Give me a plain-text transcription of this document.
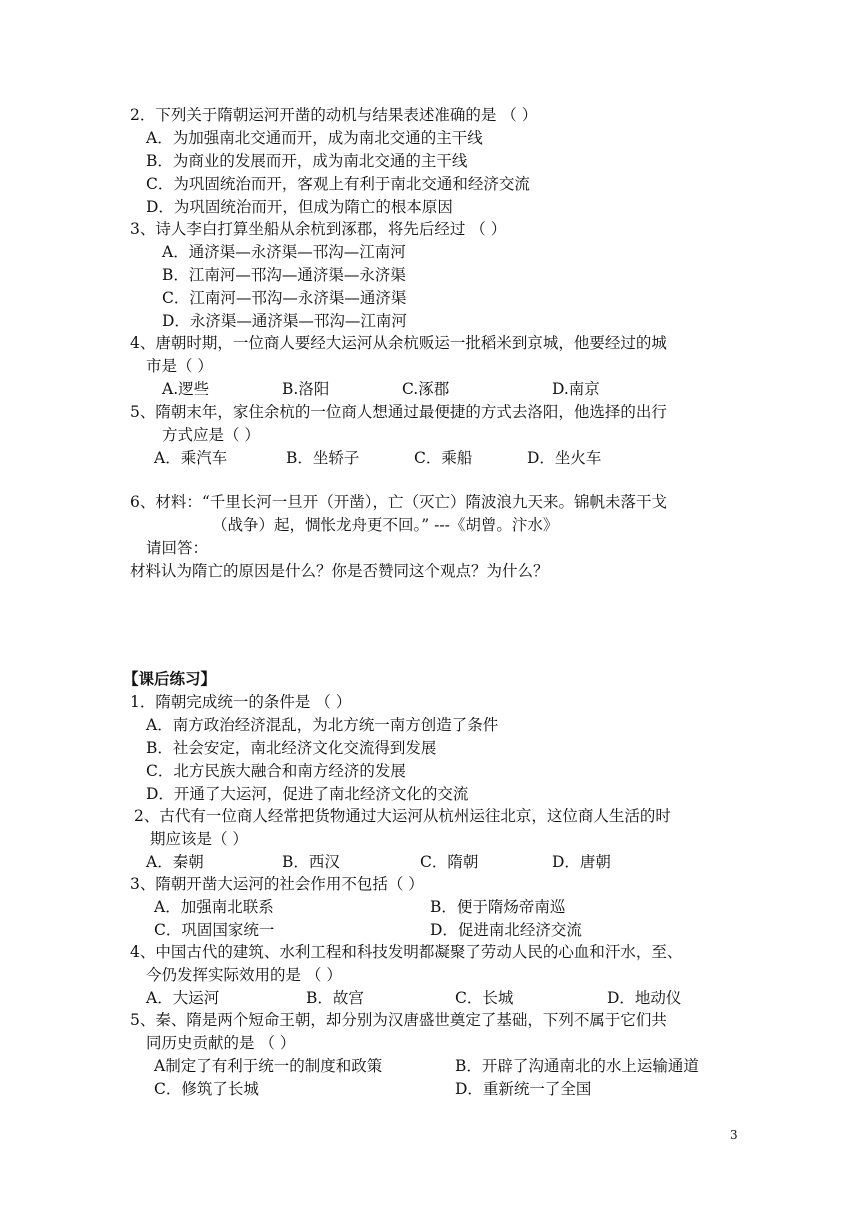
2．下列关于隋朝运河开凿的动机与结果表述准确的是 （ ）
A．为加强南北交通而开，成为南北交通的主干线
B．为商业的发展而开，成为南北交通的主干线
C．为巩固统治而开，客观上有利于南北交通和经济交流
D．为巩固统治而开，但成为隋亡的根本原因
3、诗人李白打算坐船从余杭到涿郡，将先后经过 （ ）
A．通济渠—永济渠—邗沟—江南河
B．江南河—邗沟—通济渠—永济渠
C．江南河—邗沟—永济渠—通济渠
D．永济渠—通济渠—邗沟—江南河
4、唐朝时期，一位商人要经大运河从余杭贩运一批稻米到京城，他要经过的城
市是（ ）
A.逻些	B.洛阳	C.涿郡	D.南京
5、隋朝末年，家住余杭的一位商人想通过最便捷的方式去洛阳，他选择的出行
方式应是（ ）
A．乘汽车	B．坐轿子	C．乘船	D．坐火车
6、材料：“千里长河一旦开（开凿），亡（灭亡）隋波浪九天来。锦帆未落干戈
（战争）起，惆怅龙舟更不回。” ---《胡曾。汴水》
请回答：
材料认为隋亡的原因是什么？你是否赞同这个观点？为什么？
【课后练习】
1．隋朝完成统一的条件是 （ ）
A．南方政治经济混乱，为北方统一南方创造了条件
B．社会安定，南北经济文化交流得到发展
C．北方民族大融合和南方经济的发展
D．开通了大运河，促进了南北经济文化的交流
2、古代有一位商人经常把货物通过大运河从杭州运往北京，这位商人生活的时
期应该是（ ）
A．秦朝	B．西汉	C．隋朝	D．唐朝
3、隋朝开凿大运河的社会作用不包括（ ）
A．加强南北联系	B．便于隋炀帝南巡
C．巩固国家统一	D．促进南北经济交流
4、中国古代的建筑、水利工程和科技发明都凝聚了劳动人民的心血和汗水，至、
今仍发挥实际效用的是 （ ）
A．大运河	B．故宫	C．长城	D．地动仪
5、秦、隋是两个短命王朝，却分别为汉唐盛世奠定了基础，下列不属于它们共
同历史贡献的是 （ ）
A制定了有利于统一的制度和政策	B．开辟了沟通南北的水上运输通道
C．修筑了长城	D．重新统一了全国
3
